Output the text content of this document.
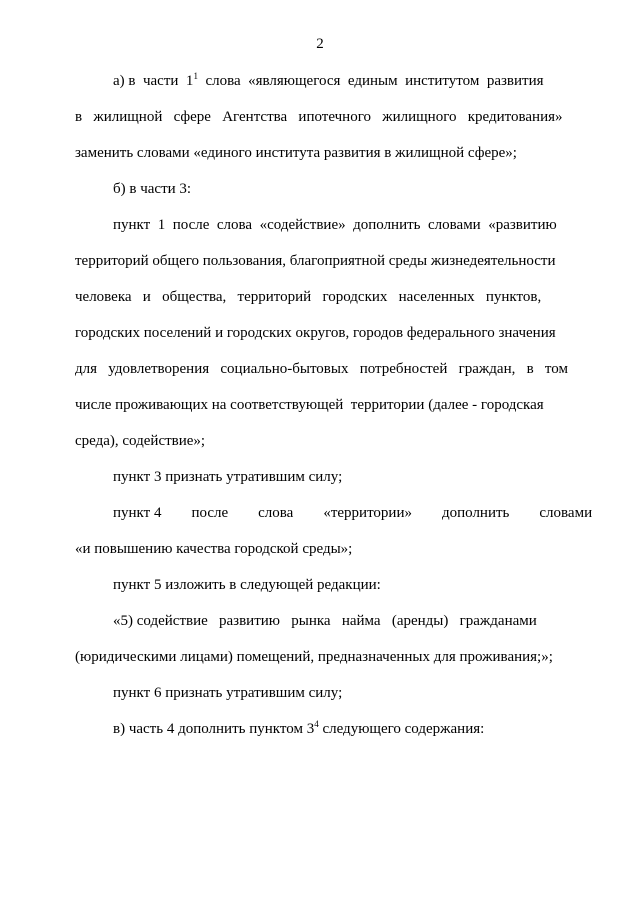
2
а) в  части  $1^1$  слова  «являющегося  единым  институтом  развития
в   жилищной   сфере   Агентства   ипотечного   жилищного   кредитования»
заменить словами «единого института развития в жилищной сфере»;
б) в части 3:
пункт  1  после  слова  «содействие»  дополнить  словами  «развитию
территорий общего пользования, благоприятной среды жизнедеятельности
человека   и   общества,   территорий   городских   населенных   пунктов,
городских поселений и городских округов, городов федерального значения
для   удовлетворения   социально-бытовых   потребностей   граждан,   в   том
числе проживающих на соответствующей  территории (далее - городская
среда), содействие»;
пункт 3 признать утратившим силу;
пункт 4        после        слова        «территории»        дополнить        словами
«и повышению качества городской среды»;
пункт 5 изложить в следующей редакции:
«5) содействие   развитию   рынка   найма   (аренды)   гражданами
(юридическими лицами) помещений, предназначенных для проживания;»;
пункт 6 признать утратившим силу;
в) часть 4 дополнить пунктом $3^4$ следующего содержания:
